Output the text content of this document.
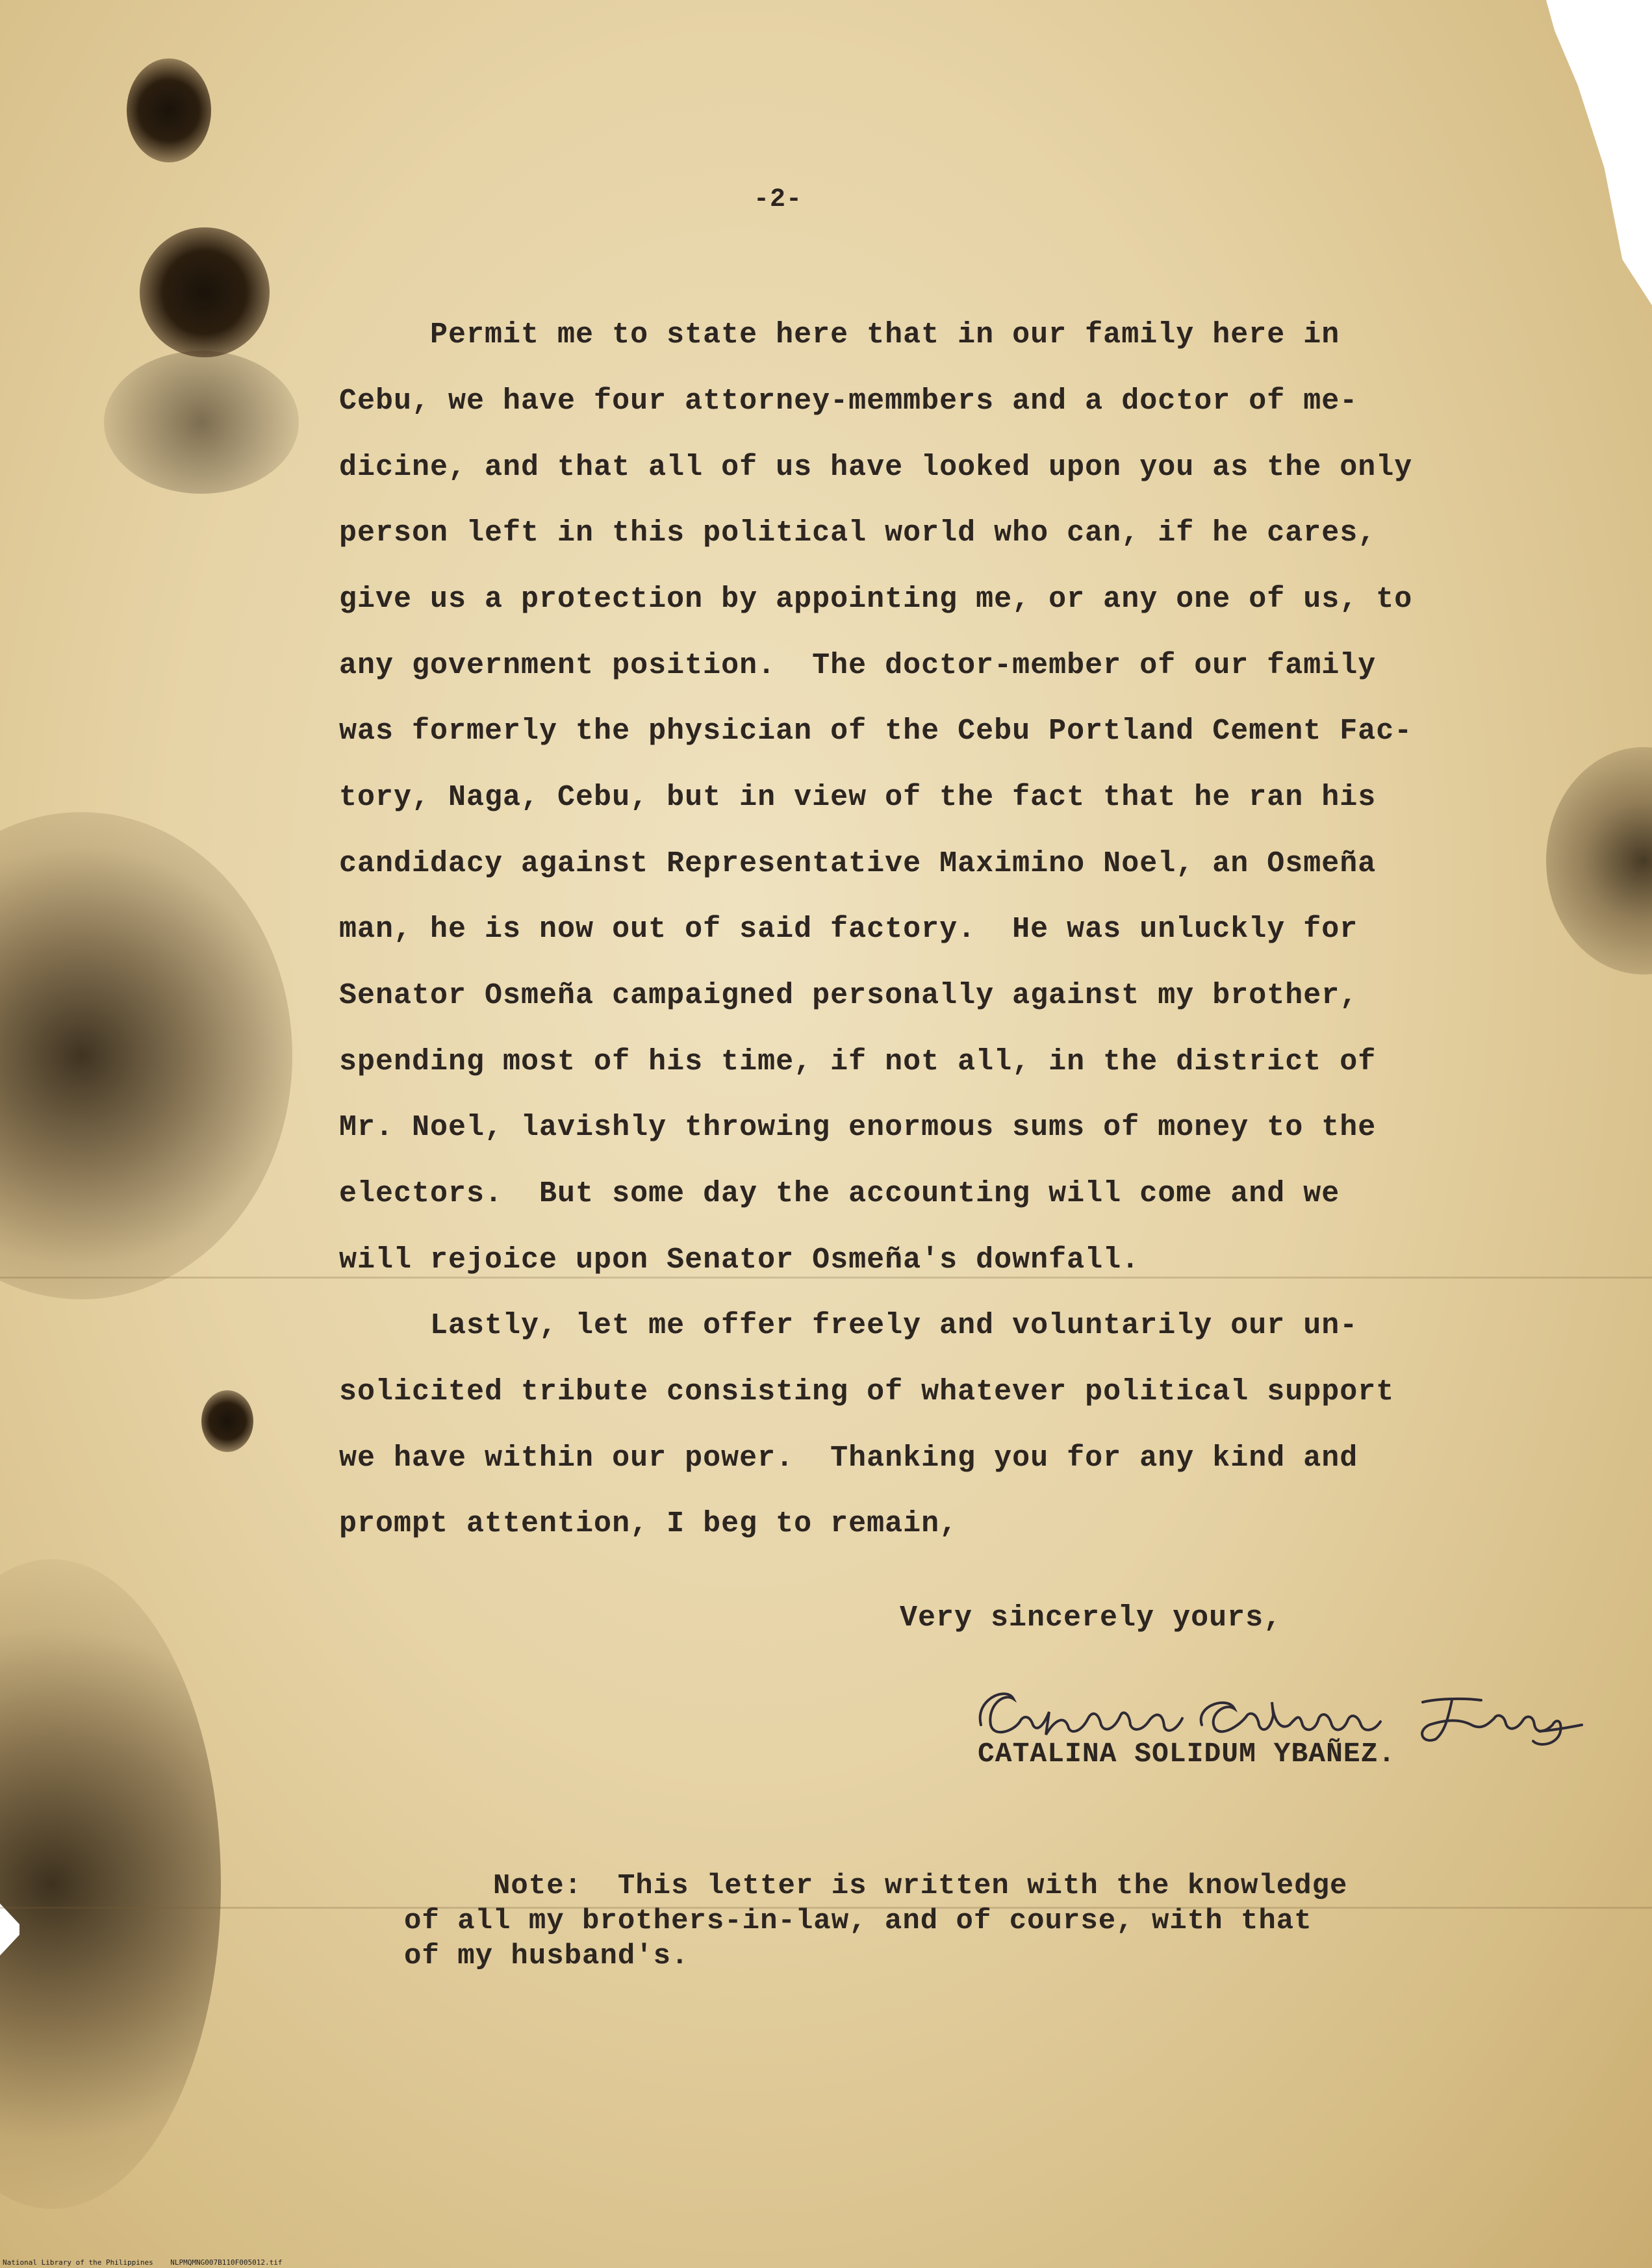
-2-
Permit me to state here that in our family here in
Cebu, we have four attorney-memmbers and a doctor of me-
dicine, and that all of us have looked upon you as the only
person left in this political world who can, if he cares,
give us a protection by appointing me, or any one of us, to
any government position.  The doctor-member of our family
was formerly the physician of the Cebu Portland Cement Fac-
tory, Naga, Cebu, but in view of the fact that he ran his
candidacy against Representative Maximino Noel, an Osmeña
man, he is now out of said factory.  He was unluckly for
Senator Osmeña campaigned personally against my brother,
spending most of his time, if not all, in the district of
Mr. Noel, lavishly throwing enormous sums of money to the
electors.  But some day the accounting will come and we
will rejoice upon Senator Osmeña's downfall.
Lastly, let me offer freely and voluntarily our un-
solicited tribute consisting of whatever political support
we have within our power.  Thanking you for any kind and
prompt attention, I beg to remain,
Very sincerely yours,
CATALINA SOLIDUM YBAÑEZ.
Note:  This letter is written with the knowledge
of all my brothers-in-law, and of course, with that
of my husband's.
National Library of the Philippines    NLPMQMNG007B110F005012.tif
